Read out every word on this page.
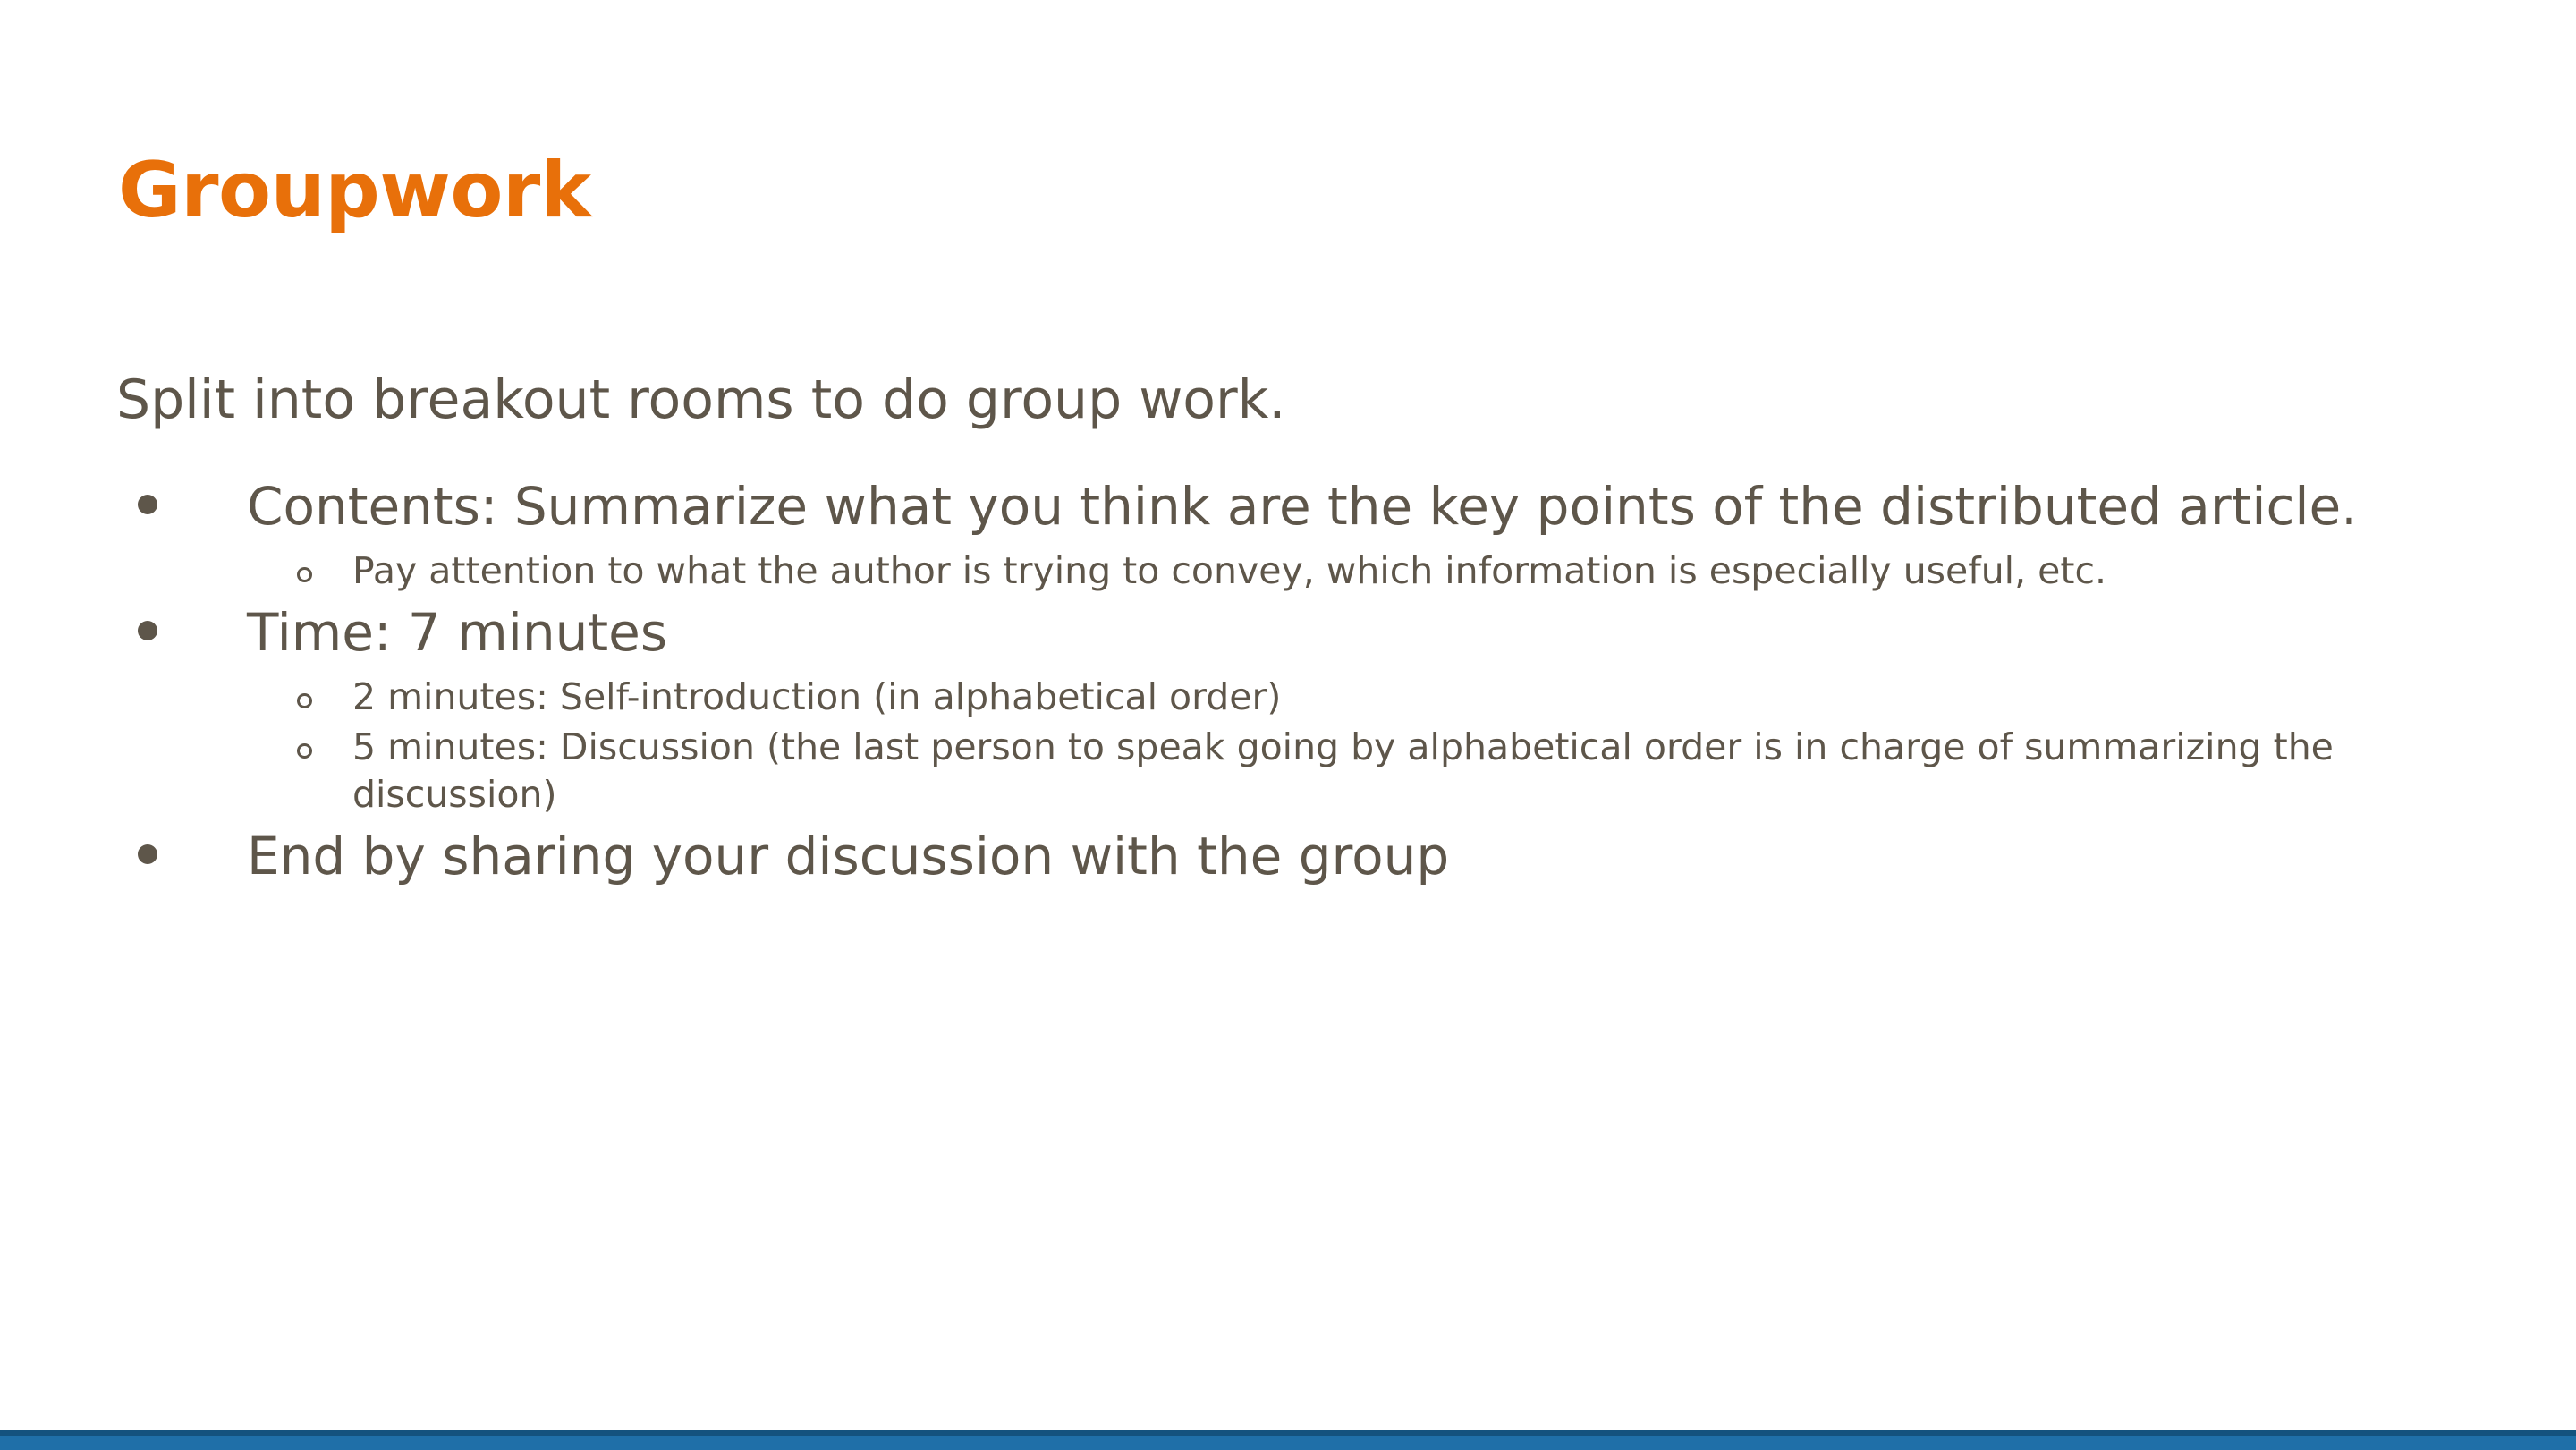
Groupwork

Split into breakout rooms to do group work.

Contents: Summarize what you think are the key points of the distributed article.
Pay attention to what the author is trying to convey, which information is especially useful, etc.
Time: 7 minutes
2 minutes: Self-introduction (in alphabetical order)
5 minutes: Discussion (the last person to speak going by alphabetical order is in charge of summarizing the discussion)
End by sharing your discussion with the group
